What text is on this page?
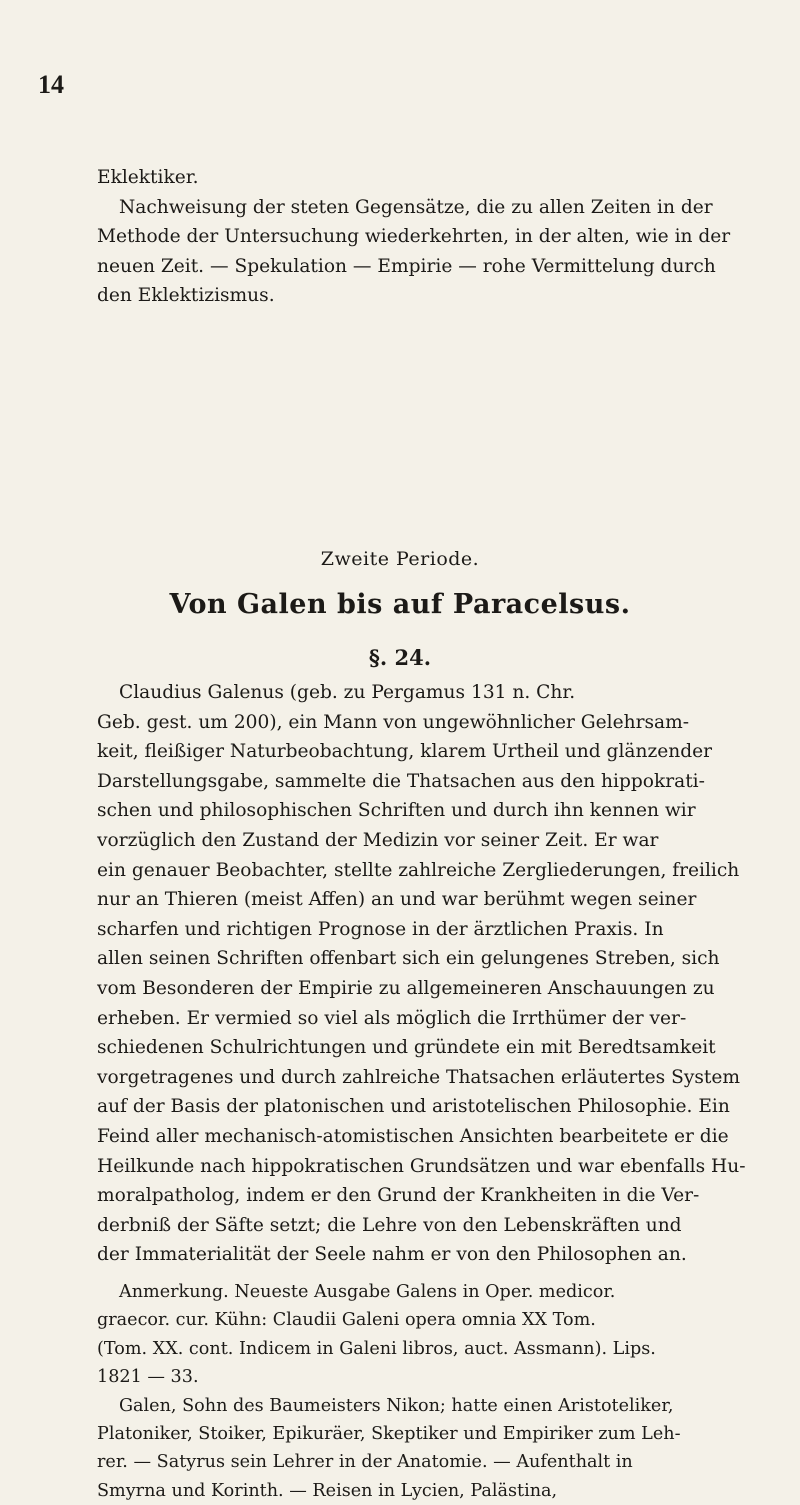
14
Eklektiker.
Nachweisung der steten Gegensätze, die zu allen Zeiten in der
Methode der Untersuchung wiederkehrten, in der alten, wie in der
neuen Zeit. — Spekulation — Empirie — rohe Vermittelung durch
den Eklektizismus.
Zweite Periode.
Von Galen bis auf Paracelsus.
§. 24.
Claudius Galenus (geb. zu Pergamus 131 n. Chr.
Geb. gest. um 200), ein Mann von ungewöhnlicher Gelehrsam-
keit, fleißiger Naturbeobachtung, klarem Urtheil und glänzender
Darstellungsgabe, sammelte die Thatsachen aus den hippokrati-
schen und philosophischen Schriften und durch ihn kennen wir
vorzüglich den Zustand der Medizin vor seiner Zeit. Er war
ein genauer Beobachter, stellte zahlreiche Zergliederungen, freilich
nur an Thieren (meist Affen) an und war berühmt wegen seiner
scharfen und richtigen Prognose in der ärztlichen Praxis. In
allen seinen Schriften offenbart sich ein gelungenes Streben, sich
vom Besonderen der Empirie zu allgemeineren Anschauungen zu
erheben. Er vermied so viel als möglich die Irrthümer der ver-
schiedenen Schulrichtungen und gründete ein mit Beredtsamkeit
vorgetragenes und durch zahlreiche Thatsachen erläutertes System
auf der Basis der platonischen und aristotelischen Philosophie. Ein
Feind aller mechanisch-atomistischen Ansichten bearbeitete er die
Heilkunde nach hippokratischen Grundsätzen und war ebenfalls Hu-
moralpatholog, indem er den Grund der Krankheiten in die Ver-
derbniß der Säfte setzt; die Lehre von den Lebenskräften und
der Immaterialität der Seele nahm er von den Philosophen an.
Anmerkung. Neueste Ausgabe Galens in Oper. medicor.
graecor. cur. Kühn: Claudii Galeni opera omnia XX Tom.
(Tom. XX. cont. Indicem in Galeni libros, auct. Assmann). Lips.
1821 — 33.
Galen, Sohn des Baumeisters Nikon; hatte einen Aristoteliker,
Platoniker, Stoiker, Epikuräer, Skeptiker und Empiriker zum Leh-
rer. — Satyrus sein Lehrer in der Anatomie. — Aufenthalt in
Smyrna und Korinth. — Reisen in Lycien, Palästina,
